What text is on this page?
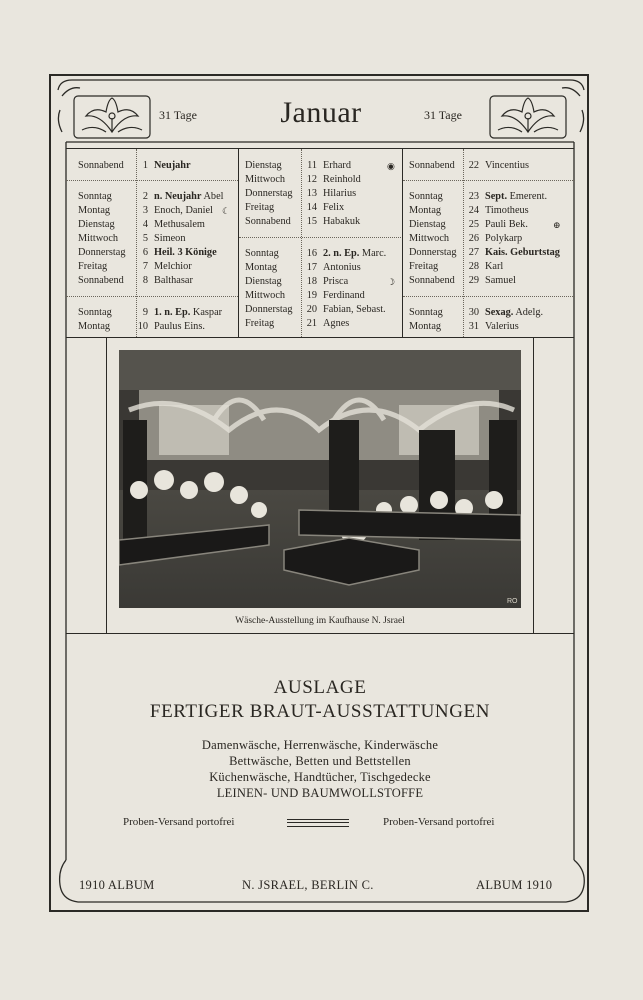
31 Tage	Januar	31 Tage
Sonnabend	1 Neujahr
Sonntag	2 n. Neujahr Abel
Montag	3 Enoch, Daniel ☾
Dienstag	4 Methusalem
Mittwoch	5 Simeon
Donnerstag	6 Heil. 3 Könige
Freitag	7 Melchior
Sonnabend	8 Balthasar
Sonntag	9 1. n. Ep. Kaspar
Montag	10 Paulus Eins.
Dienstag	11 Erhard	◉
Mittwoch	12 Reinhold
Donnerstag	13 Hilarius
Freitag	14 Felix
Sonnabend	15 Habakuk
Sonntag	16 2. n. Ep. Marc.
Montag	17 Antonius
Dienstag	18 Prisca	☽
Mittwoch	19 Ferdinand
Donnerstag	20 Fabian, Sebast.
Freitag	21 Agnes
Sonnabend	22 Vincentius
Sonntag	23 Sept. Emerent.
Montag	24 Timotheus
Dienstag	25 Pauli Bek.	⊕
Mittwoch	26 Polykarp
Donnerstag	27 Kais. Geburtstag
Freitag	28 Karl
Sonnabend	29 Samuel
Sonntag	30 Sexag. Adelg.
Montag	31 Valerius
RO
Wäsche-Ausstellung im Kaufhause N. Jsrael
AUSLAGE
FERTIGER BRAUT-AUSSTATTUNGEN
Damenwäsche, Herrenwäsche, Kinderwäsche
Bettwäsche, Betten und Bettstellen
Küchenwäsche, Handtücher, Tischgedecke
LEINEN- UND BAUMWOLLSTOFFE
Proben-Versand portofrei	Proben-Versand portofrei
1910 ALBUM	N. JSRAEL, BERLIN C.	ALBUM 1910
